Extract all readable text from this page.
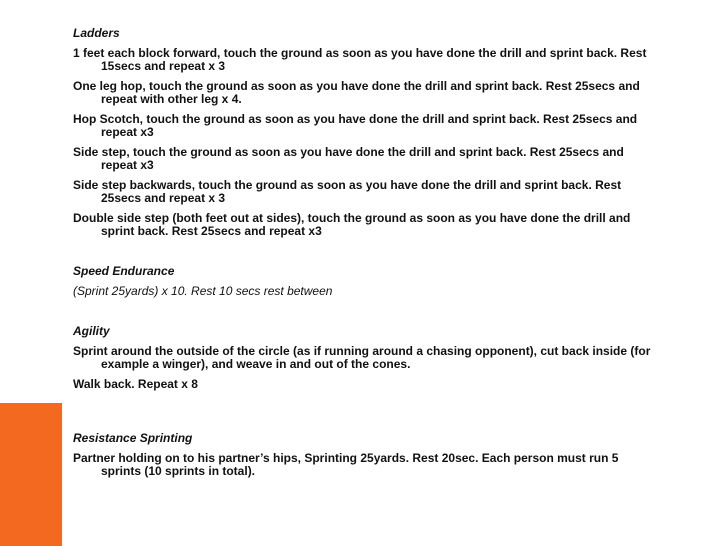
Ladders

1 feet each block forward, touch the ground as soon as you have done the drill and sprint back. Rest 15secs and repeat x 3

One leg hop, touch the ground as soon as you have done the drill and sprint back. Rest 25secs and repeat with other leg x 4.

Hop Scotch, touch the ground as soon as you have done the drill and sprint back. Rest 25secs and repeat x3

Side step, touch the ground as soon as you have done the drill and sprint back. Rest 25secs and repeat x3

Side step backwards, touch the ground as soon as you have done the drill and sprint back. Rest 25secs and repeat x 3

Double side step (both feet out at sides), touch the ground as soon as you have done the drill and sprint back. Rest 25secs and repeat x3

Speed Endurance

(Sprint 25yards) x 10. Rest 10 secs rest between

Agility

Sprint around the outside of the circle (as if running around a chasing opponent), cut back inside (for example a winger), and weave in and out of the cones.

Walk back. Repeat x 8

Resistance Sprinting

Partner holding on to his partner’s hips, Sprinting 25yards. Rest 20sec. Each person must run 5 sprints (10 sprints in total).
